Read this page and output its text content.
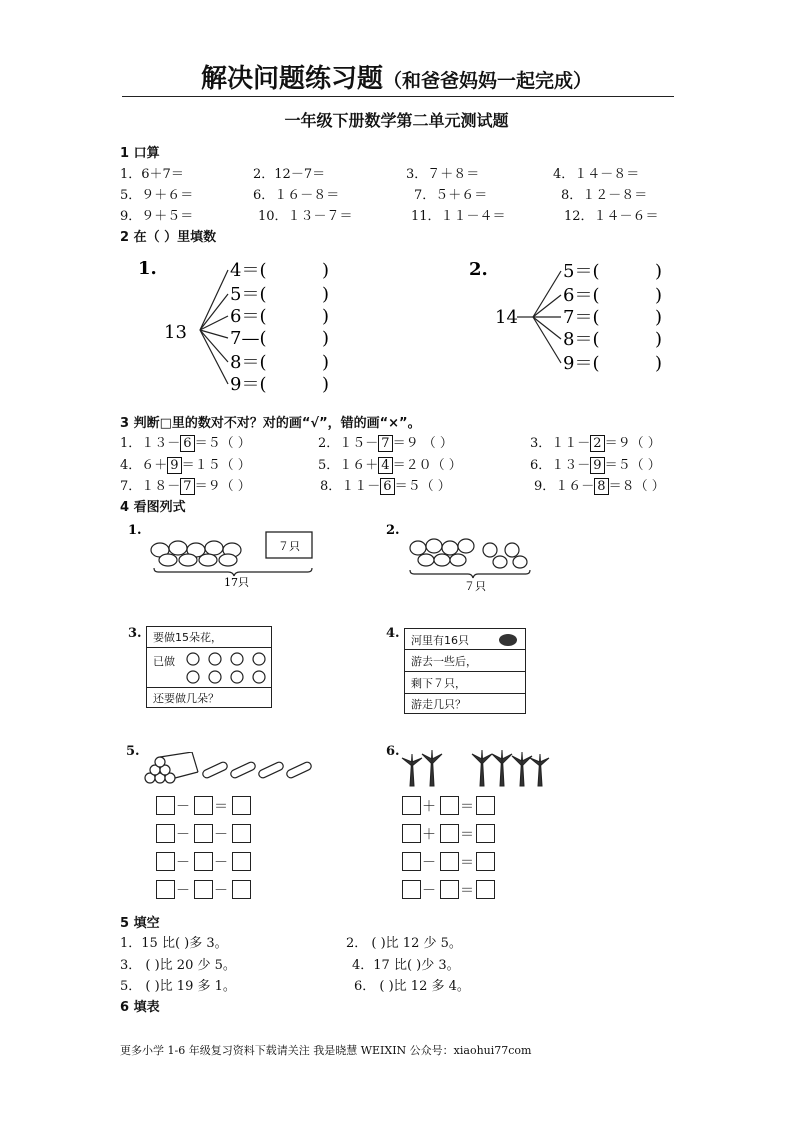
解决问题练习题（和爸爸妈妈一起完成）
一年级下册数学第二单元测试题
1 口算
1．6＋7＝	2．12－7＝	3．７＋８＝	4．１４－８＝
5．９＋６＝	6．１６－８＝	7．５＋６＝	8．１２－８＝
9．９＋５＝	10．１３－７＝	11．１１－４＝	12．１４－６＝
2 在（ ）里填数
1.
13
4＝(
5＝(
6＝(
7—(
8＝(
9＝(
)
)
)
)
)
)
2.
14
5＝(
6＝(
7＝(
8＝(
9＝(
)
)
)
)
)
3 判断□里的数对不对？对的画“√”，错的画“×”。
1．１３－ 6 ＝５（ ）	2．１５－ 7 ＝９ （ ）	3．１１－ 2 ＝９（ ）
4．６＋ 9 ＝１５（ ）	5．１６＋ 4 ＝２０（ ）	6．１３－ 9 ＝５（ ）
7．１８－ 7 ＝９（ ）	8．１１－ 6 ＝５（ ）	9．１６－ 8 ＝８（ ）
4 看图列式
1.
７只
17只
2.
７只
3. 要做15朵花，
已做
还要做几朵？
4. 河里有16只
游去一些后，
剩下７只，
游走几只？
5.	6.
－ ＝
－ －
－ －
－ －
＋ ＝
＋ ＝
－ ＝
－ ＝
5 填空
1．15 比( )多 3。	2． ( )比 12 少 5。
3． ( )比 20 少 5。	4．17 比( )少 3。
5． ( )比 19 多 1。	6． ( )比 12 多 4。
6 填表
更多小学 1-6 年级复习资料下载请关注 我是晓慧 WEIXIN 公众号：xiaohui77com
